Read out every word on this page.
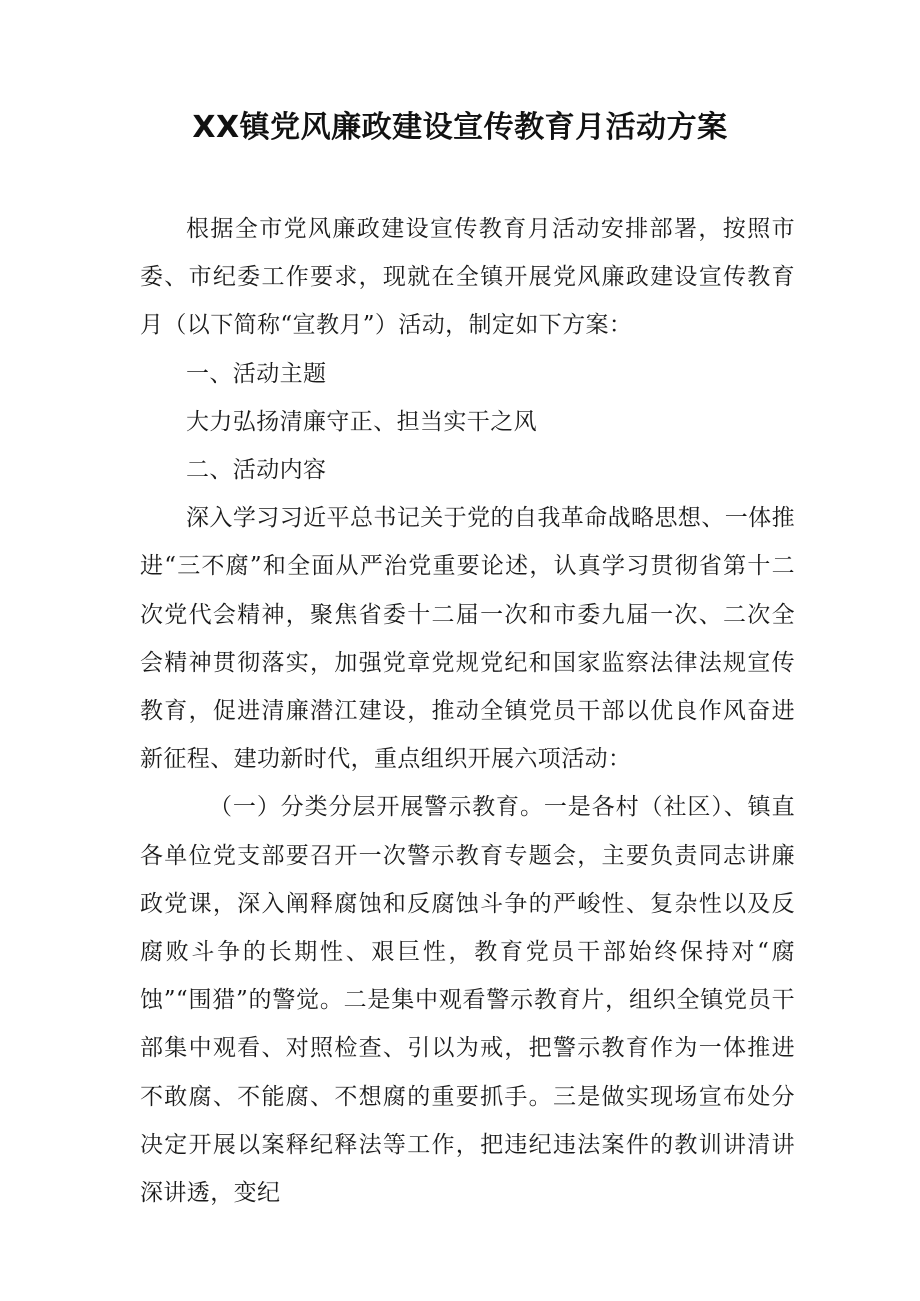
XX镇党风廉政建设宣传教育月活动方案

根据全市党风廉政建设宣传教育月活动安排部署，按照市委、市纪委工作要求，现就在全镇开展党风廉政建设宣传教育月（以下简称“宣教月”）活动，制定如下方案：

一、活动主题

大力弘扬清廉守正、担当实干之风

二、活动内容

深入学习习近平总书记关于党的自我革命战略思想、一体推进“三不腐”和全面从严治党重要论述，认真学习贯彻省第十二次党代会精神，聚焦省委十二届一次和市委九届一次、二次全会精神贯彻落实，加强党章党规党纪和国家监察法律法规宣传教育，促进清廉潜江建设，推动全镇党员干部以优良作风奋进新征程、建功新时代，重点组织开展六项活动：

（一）分类分层开展警示教育。一是各村（社区）、镇直各单位党支部要召开一次警示教育专题会，主要负责同志讲廉政党课，深入阐释腐蚀和反腐蚀斗争的严峻性、复杂性以及反腐败斗争的长期性、艰巨性，教育党员干部始终保持对“腐蚀”“围猎”的警觉。二是集中观看警示教育片，组织全镇党员干部集中观看、对照检查、引以为戒，把警示教育作为一体推进不敢腐、不能腐、不想腐的重要抓手。三是做实现场宣布处分决定开展以案释纪释法等工作，把违纪违法案件的教训讲清讲深讲透，变纪
